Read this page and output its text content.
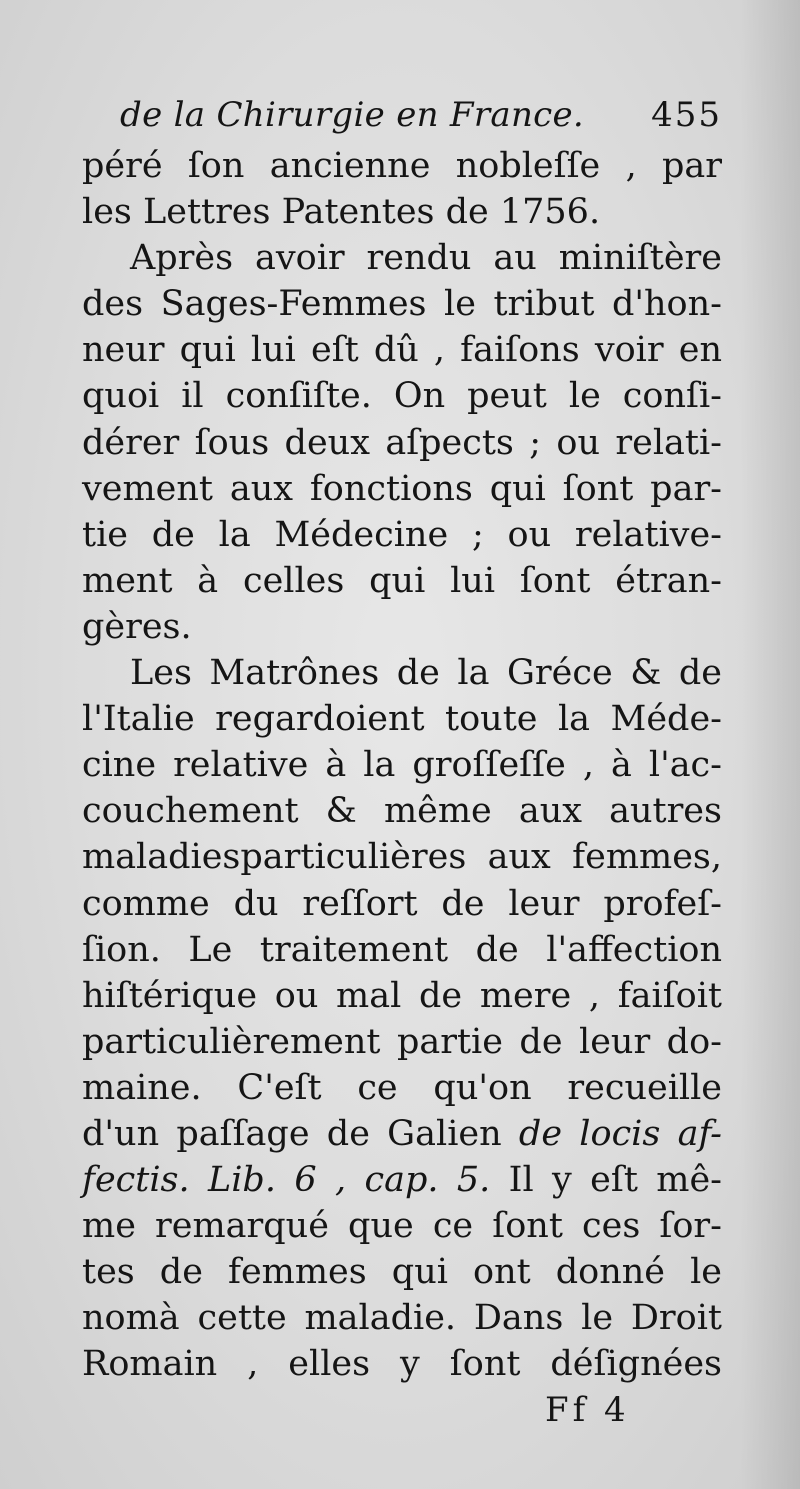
de la Chirurgie en France. 455
péré ſon ancienne nobleſſe , par
les Lettres Patentes de 1756.
Après avoir rendu au miniſtère
des Sages-Femmes le tribut d'hon-
neur qui lui eſt dû , faiſons voir en
quoi il conſiſte. On peut le conſi-
dérer ſous deux aſpects ; ou relati-
vement aux fonctions qui ſont par-
tie de la Médecine ; ou relative-
ment à celles qui lui ſont étran-
gères.
Les Matrônes de la Gréce & de
l'Italie regardoient toute la Méde-
cine relative à la groſſeſſe , à l'ac-
couchement & même aux autres
maladiesparticulières aux femmes,
comme du reſſort de leur profeſ-
ſion. Le traitement de l'affection
hiſtérique ou mal de mere , faiſoit
particulièrement partie de leur do-
maine. C'eſt ce qu'on recueille
d'un paſſage de Galien de locis af-
fectis. Lib. 6 , cap. 5. Il y eſt mê-
me remarqué que ce ſont ces ſor-
tes de femmes qui ont donné le
nomà cette maladie. Dans le Droit
Romain , elles y ſont déſignées
Ff 4
